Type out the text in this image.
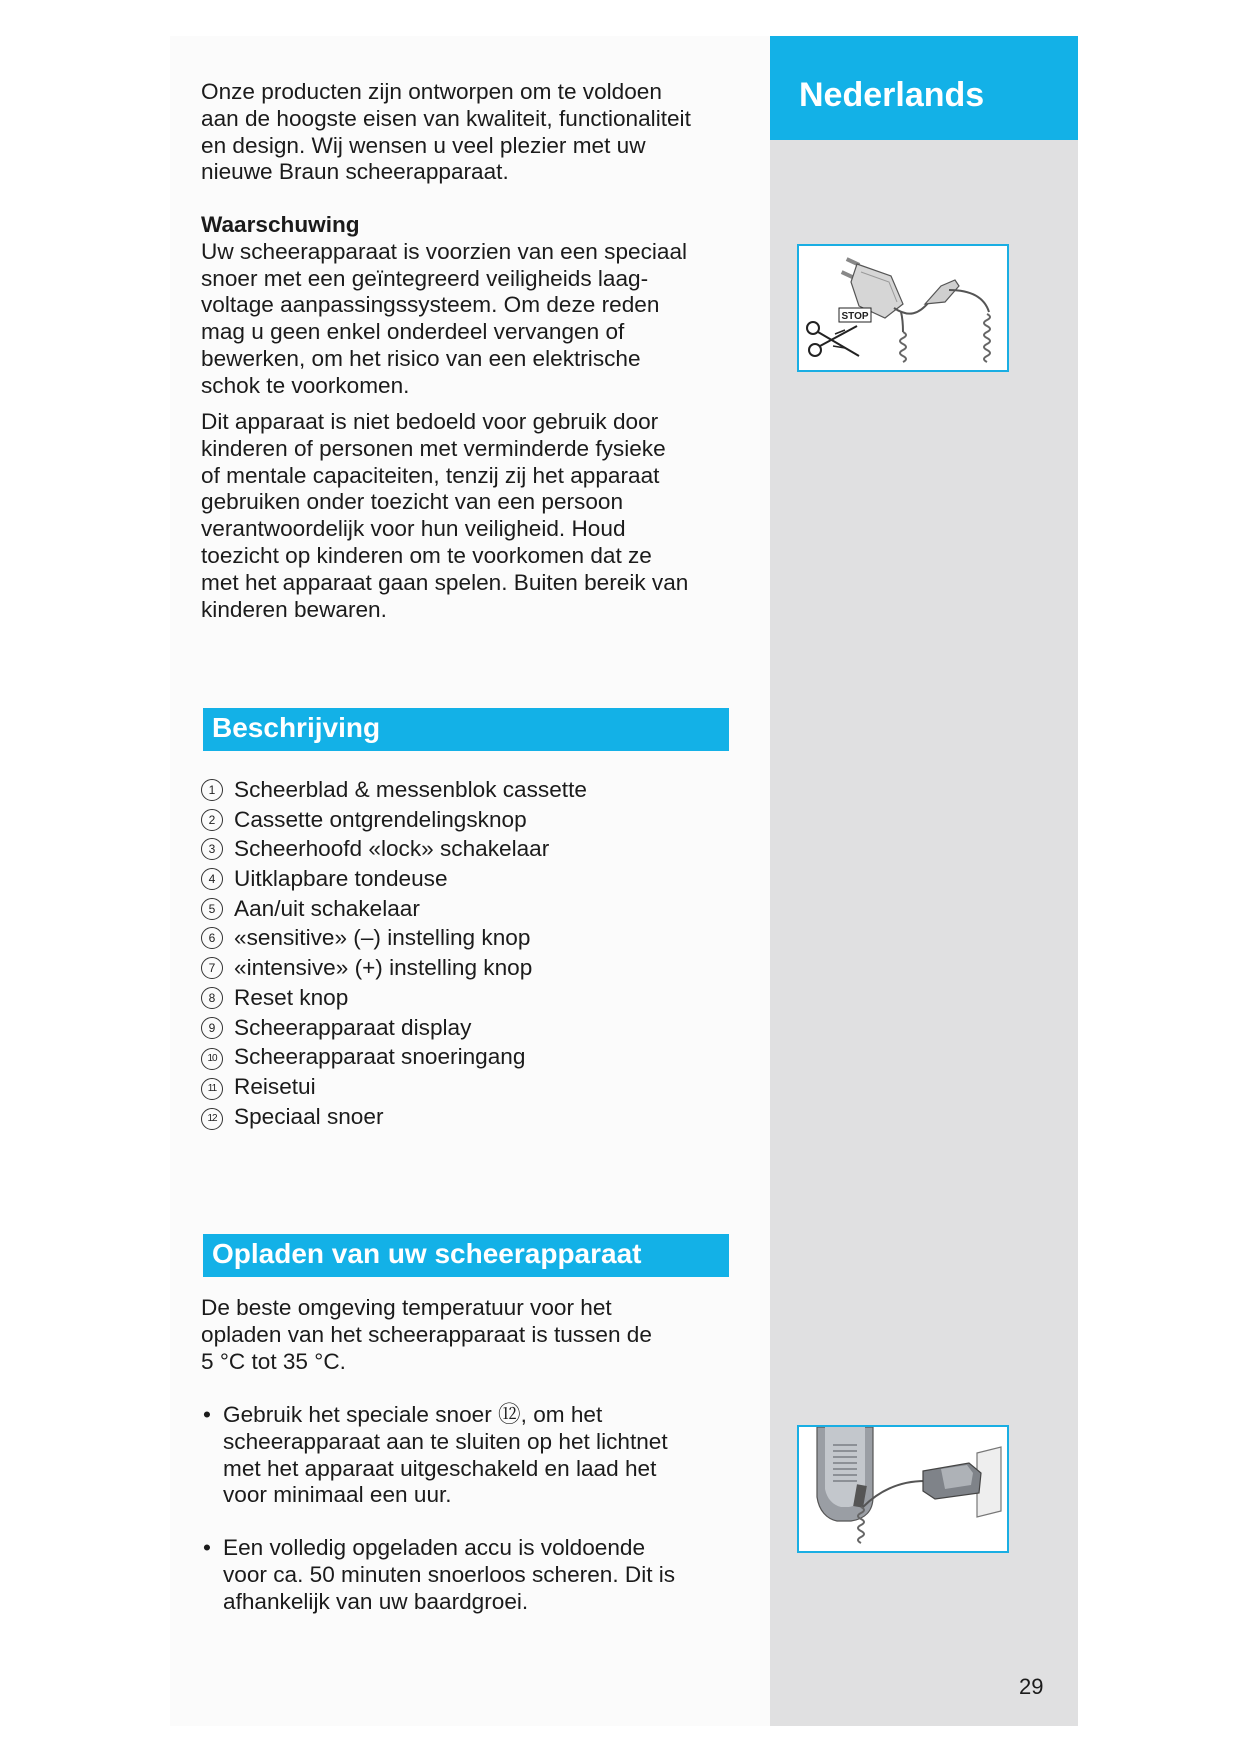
Nederlands

Onze producten zijn ontworpen om te voldoen

aan de hoogste eisen van kwaliteit, functionaliteit

en design. Wij wensen u veel plezier met uw

nieuwe Braun scheerapparaat.

Waarschuwing

Uw scheerapparaat is voorzien van een speciaal

snoer met een geïntegreerd veiligheids laag-

voltage aanpassingssysteem. Om deze reden

mag u geen enkel onderdeel vervangen of

bewerken, om het risico van een elektrische

schok te voorkomen.

Dit apparaat is niet bedoeld voor gebruik door

kinderen of personen met verminderde fysieke

of mentale capaciteiten, tenzij zij het apparaat

gebruiken onder toezicht van een persoon

verantwoordelijk voor hun veiligheid. Houd

toezicht op kinderen om te voorkomen dat ze

met het apparaat gaan spelen. Buiten bereik van

kinderen bewaren.

Beschrijving
1 Scheerblad & messenblok cassette
2 Cassette ontgrendelingsknop
3 Scheerhoofd «lock» schakelaar
4 Uitklapbare tondeuse
5 Aan/uit schakelaar
6 «sensitive» (–) instelling knop
7 «intensive» (+) instelling knop
8 Reset knop
9 Scheerapparaat display
10 Scheerapparaat snoeringang
11 Reisetui
12 Speciaal snoer
Opladen van uw scheerapparaat

De beste omgeving temperatuur voor het

opladen van het scheerapparaat is tussen de

5 °C tot 35 °C.

• Gebruik het speciale snoer ⑫, om het

scheerapparaat aan te sluiten op het lichtnet

met het apparaat uitgeschakeld en laad het

voor minimaal een uur.

• Een volledig opgeladen accu is voldoende

voor ca. 50 minuten snoerloos scheren. Dit is

afhankelijk van uw baardgroei.

STOP
29
